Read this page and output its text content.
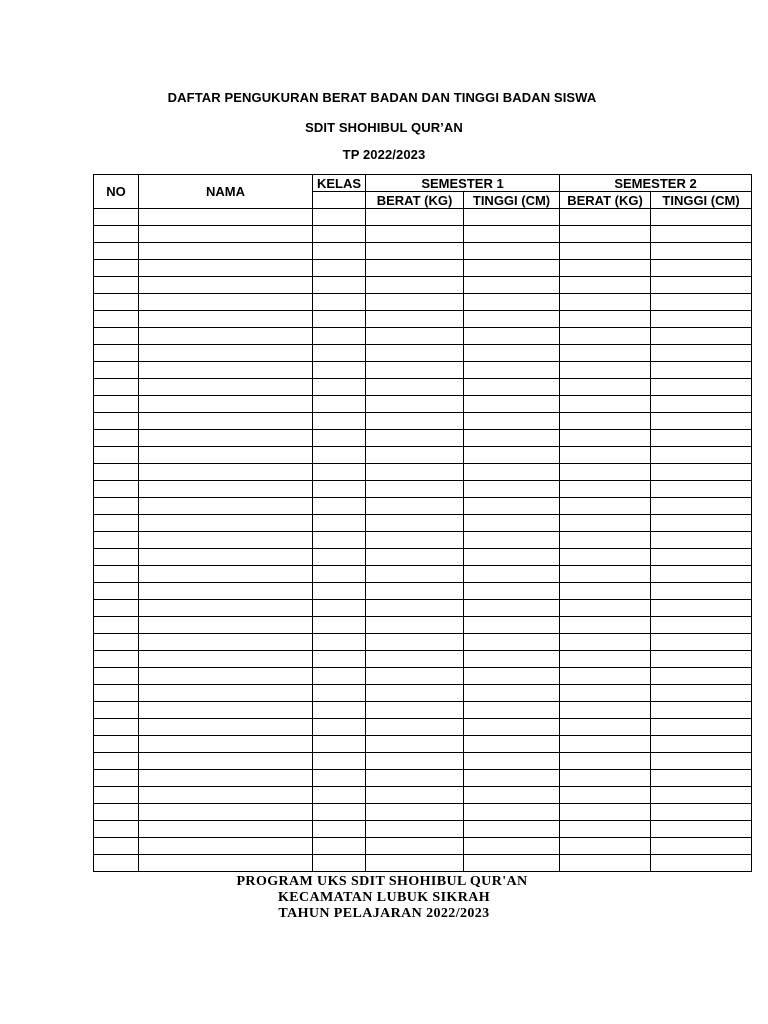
DAFTAR PENGUKURAN BERAT BADAN DAN TINGGI BADAN SISWA
SDIT SHOHIBUL QUR’AN
TP 2022/2023
NO	NAMA	KELAS	SEMESTER 1		SEMESTER 2	
			BERAT (KG)	TINGGI (CM)	BERAT (KG)	TINGGI (CM)

PROGRAM UKS SDIT SHOHIBUL QUR'AN
KECAMATAN LUBUK SIKRAH
TAHUN PELAJARAN 2022/2023
